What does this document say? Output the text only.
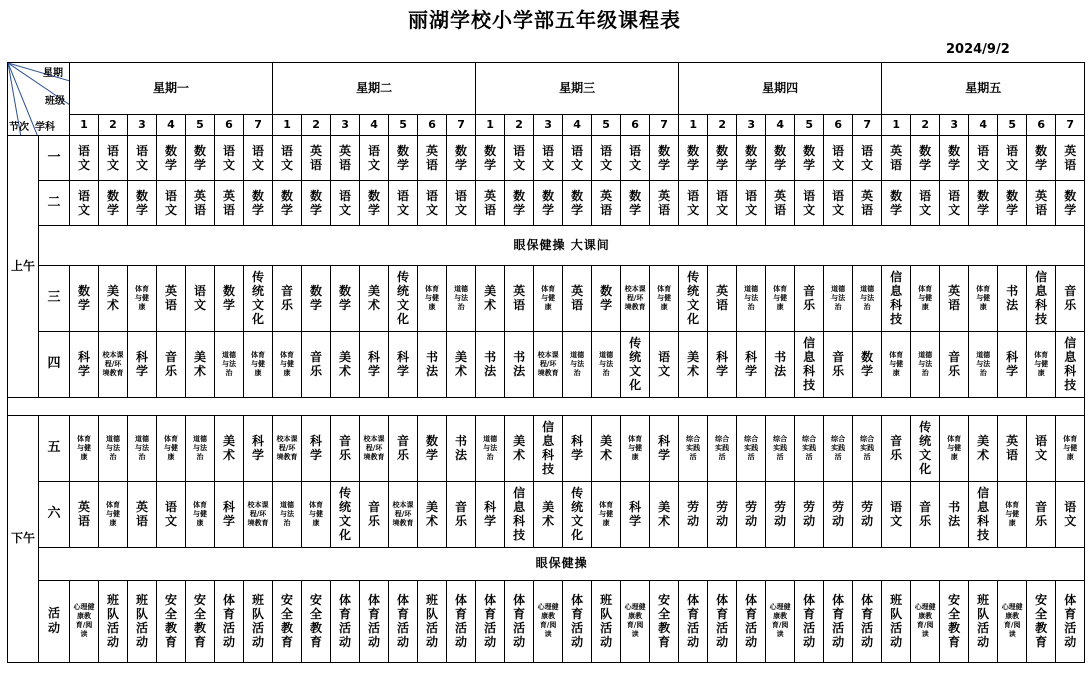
丽湖学校小学部五年级课程表
2024/9/2
星期
班级
节次 学科		星期一							星期二							星期三							星期四							星期五						
		1	2	3	4	5	6	7	1	2	3	4	5	6	7	1	2	3	4	5	6	7	1	2	3	4	5	6	7	1	2	3	4	5	6	7
上午	一	语文	语文	语文	数学	数学	语文	语文	语文	英语	英语	语文	数学	英语	数学	数学	语文	语文	语文	语文	语文	数学	数学	数学	数学	数学	数学	语文	语文	英语	数学	数学	语文	语文	数学	英语
	二	语文	数学	数学	语文	英语	英语	数学	数学	数学	语文	数学	语文	语文	语文	英语	数学	数学	数学	英语	数学	英语	语文	语文	语文	英语	语文	语文	英语	数学	语文	语文	数学	数学	英语	数学
	眼保健操 大课间																																			
	三	数学	美术	体育与健康	英语	语文	数学	传统文化	音乐	数学	数学	美术	传统文化	体育与健康	道德与法治	美术	英语	体育与健康	英语	数学	校本课程/环境教育	体育与健康	传统文化	英语	道德与法治	体育与健康	音乐	道德与法治	道德与法治	信息科技	体育与健康	英语	体育与健康	书法	信息科技	音乐
	四	科学	校本课程/环境教育	科学	音乐	美术	道德与法治	体育与健康	体育与健康	音乐	美术	科学	科学	书法	美术	书法	书法	校本课程/环境教育	道德与法治	道德与法治	传统文化	语文	美术	科学	科学	书法	信息科技	音乐	数学	体育与健康	道德与法治	音乐	道德与法治	科学	体育与健康	信息科技

下午	五	体育与健康	道德与法治	道德与法治	体育与健康	道德与法治	美术	科学	校本课程/环境教育	科学	音乐	校本课程/环境教育	音乐	数学	书法	道德与法治	美术	信息科技	科学	美术	体育与健康	科学	综合实践活	综合实践活	综合实践活	综合实践活	综合实践活	综合实践活	综合实践活	音乐	传统文化	体育与健康	美术	英语	语文	体育与健康
	六	英语	体育与健康	英语	语文	体育与健康	科学	校本课程/环境教育	道德与法治	体育与健康	传统文化	音乐	校本课程/环境教育	美术	音乐	科学	信息科技	美术	传统文化	体育与健康	科学	美术	劳动	劳动	劳动	劳动	劳动	劳动	劳动	语文	音乐	书法	信息科技	体育与健康	音乐	语文
	眼保健操																																			
	活动	心理健康教育/阅读	班队活动	班队活动	安全教育	安全教育	体育活动	班队活动	安全教育	安全教育	体育活动	体育活动	体育活动	班队活动	体育活动	体育活动	体育活动	心理健康教育/阅读	体育活动	班队活动	心理健康教育/阅读	安全教育	体育活动	体育活动	体育活动	心理健康教育/阅读	体育活动	体育活动	体育活动	班队活动	心理健康教育/阅读	安全教育	班队活动	心理健康教育/阅读	安全教育	体育活动
